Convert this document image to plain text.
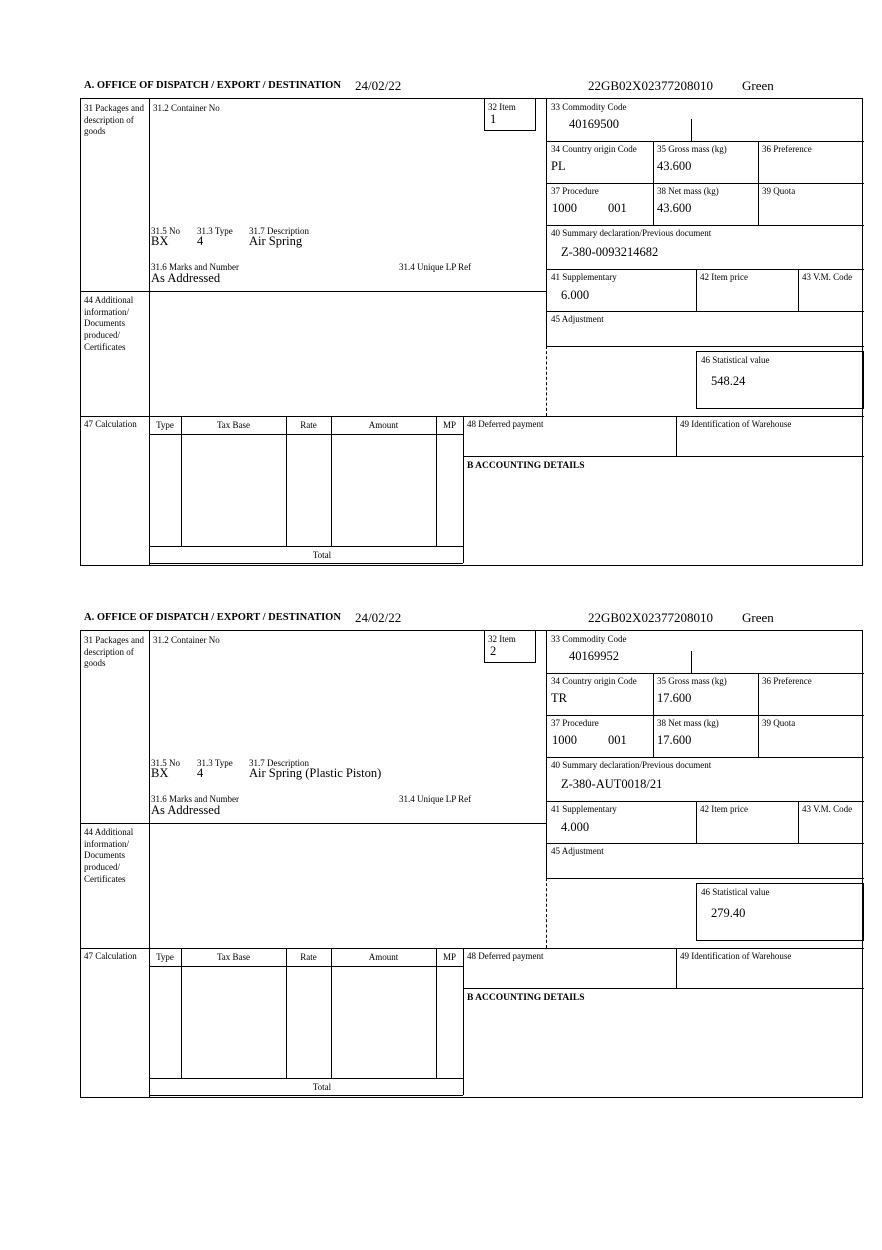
A. OFFICE OF DISPATCH / EXPORT / DESTINATION 24/02/22	22GB02X02377208010 Green
31 Packages and description of goods
44 Additional information/ Documents produced/ Certificates
31.2 Container No	32 Item
1
31.5 No 31.3 Type 31.7 Description
BX 4	Air Spring
31.6 Marks and Number	31.4 Unique LP Ref
As Addressed
33 Commodity Code
40169500
34 Country origin Code
PL
35 Gross mass (kg)
43.600
36 Preference
37 Procedure
1000 001
38 Net mass (kg)
43.600
39 Quota
40 Summary declaration/Previous document
Z-380-0093214682
41 Supplementary
6.000
42 Item price	43 V.M. Code
45 Adjustment
46 Statistical value
548.24
47 Calculation	Type	Tax Base	Rate	Amount	MP
Total
48 Deferred payment	49 Identification of Warehouse
B ACCOUNTING DETAILS
A. OFFICE OF DISPATCH / EXPORT / DESTINATION 24/02/22	22GB02X02377208010 Green
31 Packages and description of goods
44 Additional information/ Documents produced/ Certificates
31.2 Container No	32 Item
2
31.5 No 31.3 Type 31.7 Description
BX 4	Air Spring (Plastic Piston)
31.6 Marks and Number	31.4 Unique LP Ref
As Addressed
33 Commodity Code
40169952
34 Country origin Code
TR
35 Gross mass (kg)
17.600
36 Preference
37 Procedure
1000 001
38 Net mass (kg)
17.600
39 Quota
40 Summary declaration/Previous document
Z-380-AUT0018/21
41 Supplementary
4.000
42 Item price	43 V.M. Code
45 Adjustment
46 Statistical value
279.40
47 Calculation	Type	Tax Base	Rate	Amount	MP
Total
48 Deferred payment	49 Identification of Warehouse
B ACCOUNTING DETAILS
